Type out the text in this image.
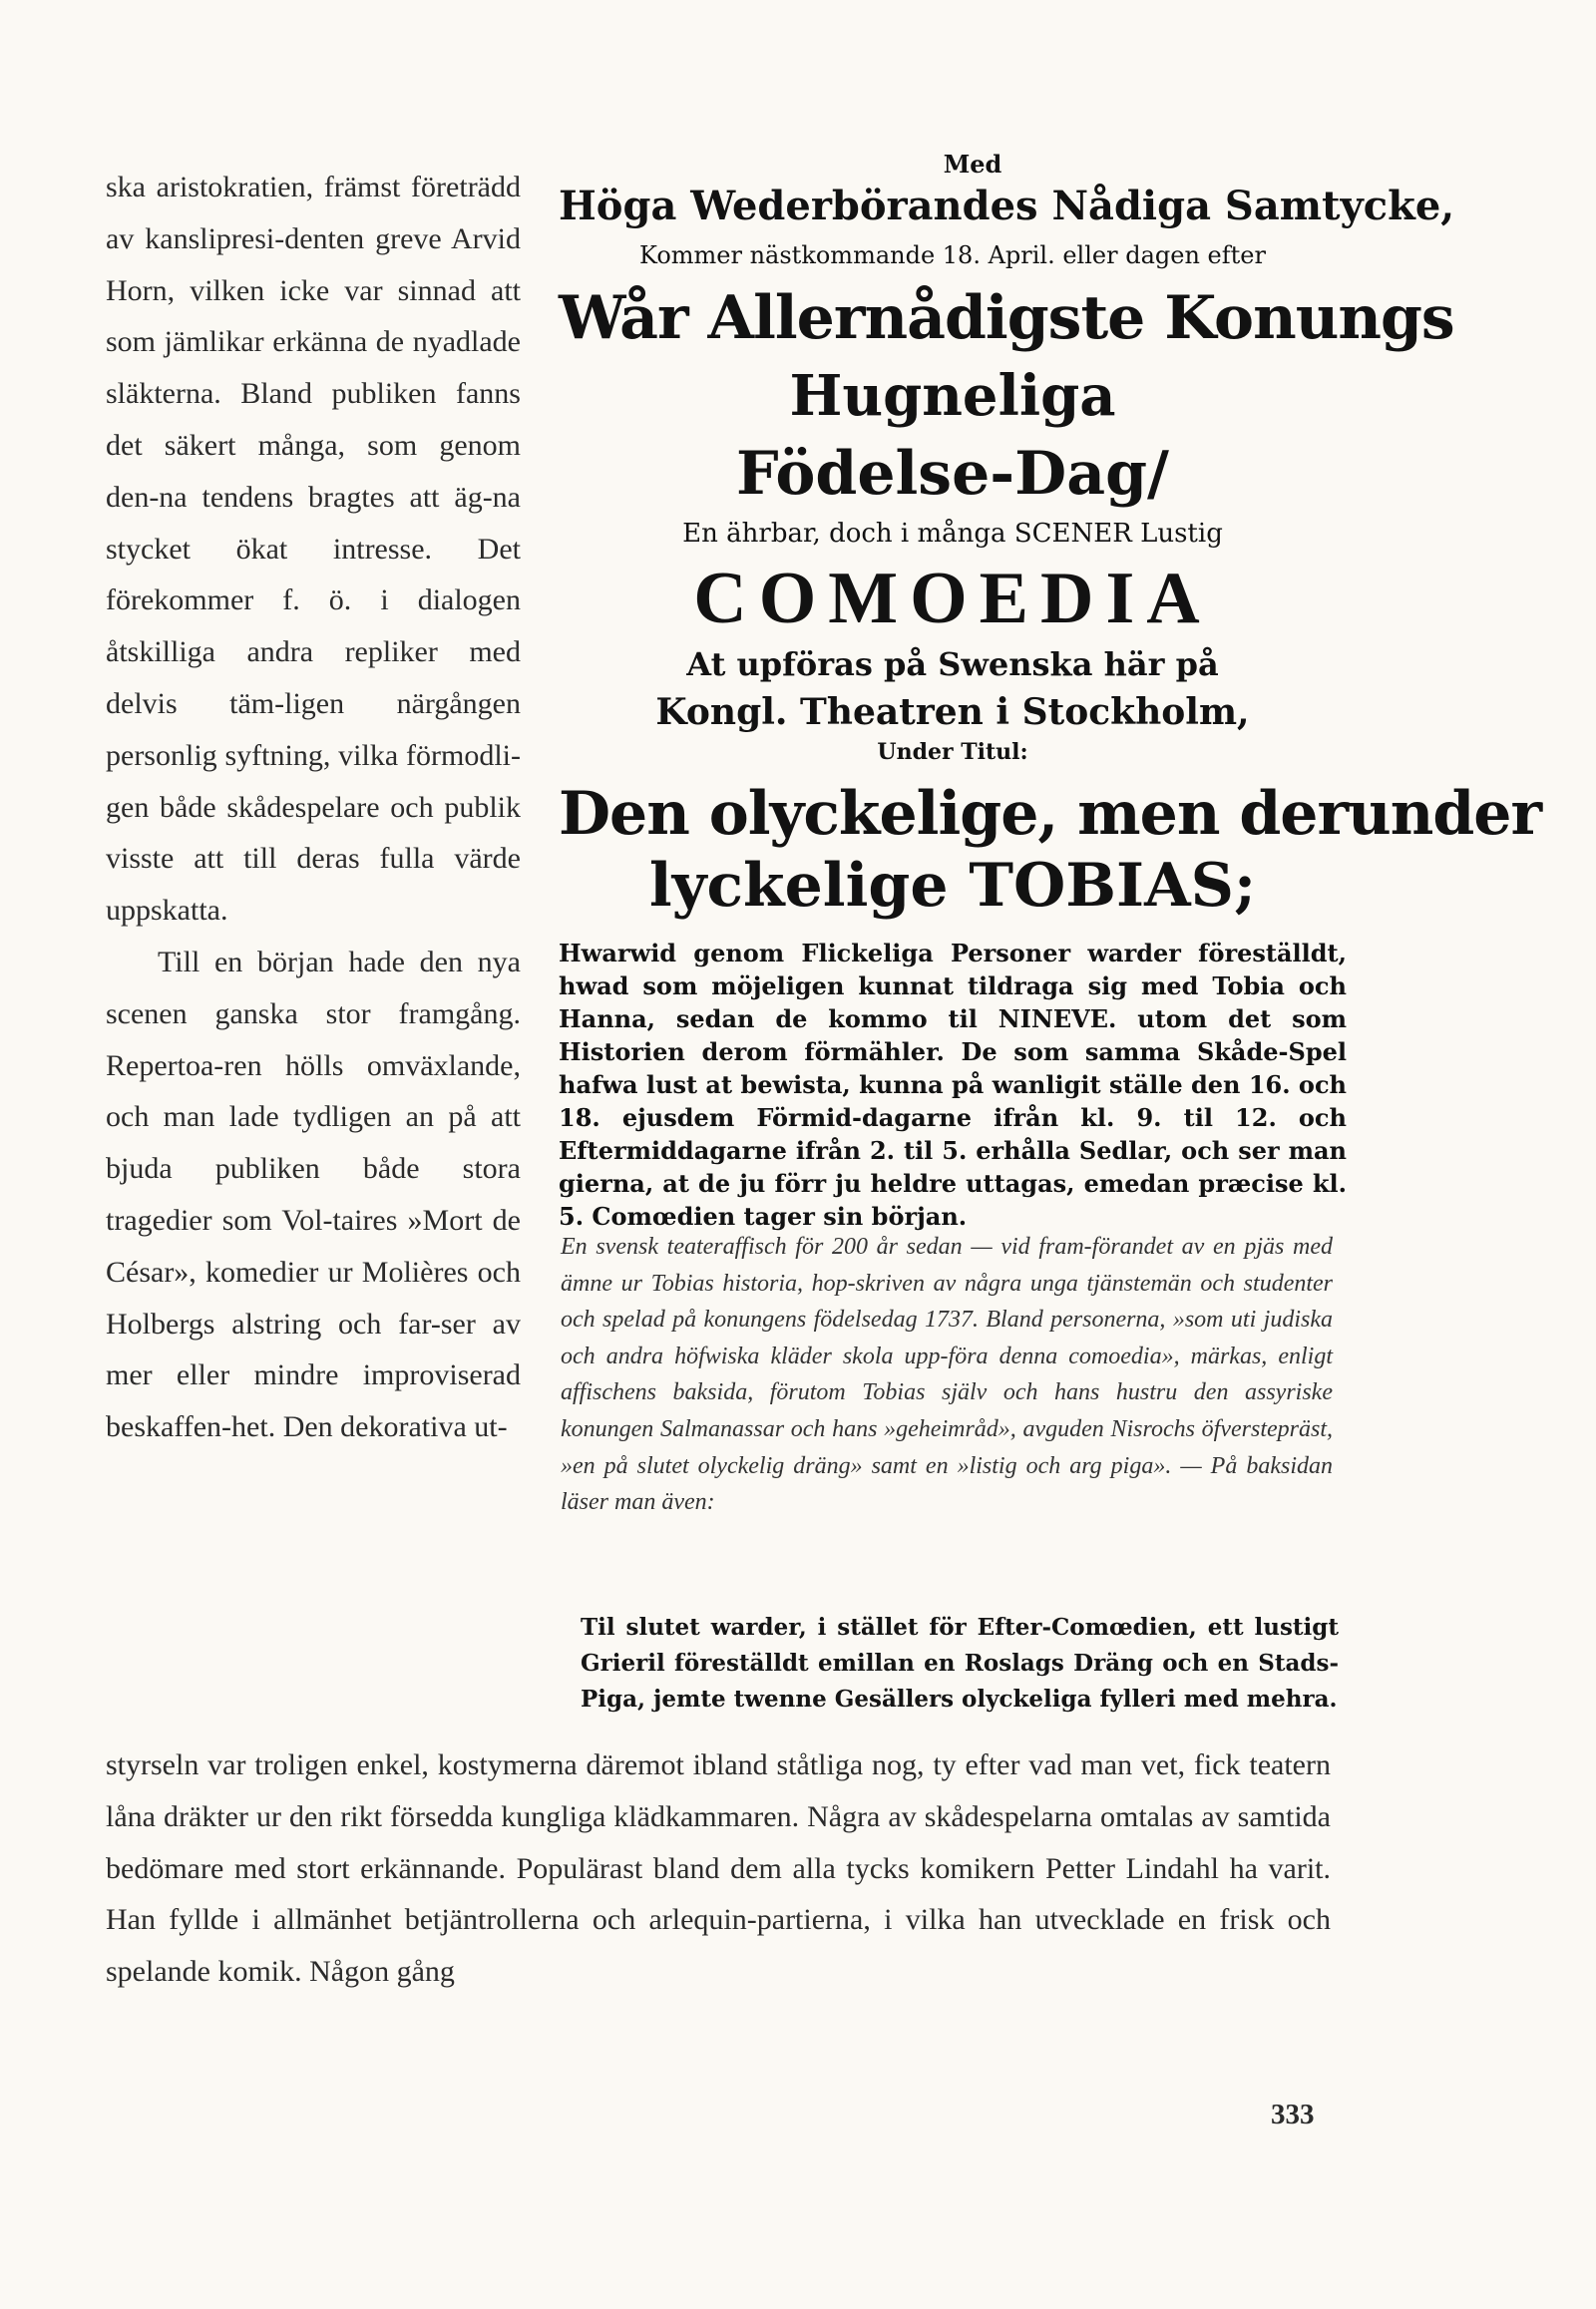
ska aristokratien, främst företrädd av kanslipresi-denten greve Arvid Horn, vilken icke var sinnad att som jämlikar erkänna de nyadlade släkterna. Bland publiken fanns det säkert många, som genom den-na tendens bragtes att äg-na stycket ökat intresse. Det förekommer f. ö. i dialogen åtskilliga andra repliker med delvis täm-ligen närgången personlig syftning, vilka förmodli-gen både skådespelare och publik visste att till deras fulla värde uppskatta.

Till en början hade den nya scenen ganska stor framgång. Repertoa-ren hölls omväxlande, och man lade tydligen an på att bjuda publiken både stora tragedier som Vol-taires »Mort de César», komedier ur Molières och Holbergs alstring och far-ser av mer eller mindre improviserad beskaffen-het. Den dekorativa ut-

Med
Höga Wederbörandes Nådiga Samtycke,
Kommer nästkommande 18. April. eller dagen efter
Wår Allernådigste Konungs
Hugneliga
Födelse-Dag/
En ährbar, doch i många SCENER Lustig
COMOEDIA
At upföras på Swenska här på
Kongl. Theatren i Stockholm,
Under Titul:
Den olyckelige, men derunder
lyckelige TOBIAS;
Hwarwid genom Flickeliga Personer warder föreställdt, hwad som möjeligen kunnat tildraga sig med Tobia och Hanna, sedan de kommo til NINEVE. utom det som Historien derom förmähler. De som samma Skåde-Spel hafwa lust at bewista, kunna på wanligit ställe den 16. och 18. ejusdem Förmid-dagarne ifrån kl. 9. til 12. och Eftermiddagarne ifrån 2. til 5. erhålla Sedlar, och ser man gierna, at de ju förr ju heldre uttagas, emedan præcise kl. 5. Comœdien tager sin början.

En svensk teateraffisch för 200 år sedan — vid fram-förandet av en pjäs med ämne ur Tobias historia, hop-skriven av några unga tjänstemän och studenter och spelad på konungens födelsedag 1737. Bland personerna, »som uti judiska och andra höfwiska kläder skola upp-föra denna comoedia», märkas, enligt affischens baksida, förutom Tobias själv och hans hustru den assyriske konungen Salmanassar och hans »geheimråd», avguden Nisrochs öfverstepräst, »en på slutet olyckelig dräng» samt en »listig och arg piga». — På baksidan läser man även:

Til slutet warder, i stället för Efter-Comœdien, ett lustigt Grieril föreställdt emillan en Roslags Dräng och en Stads-Piga, jemte twenne Gesällers olyckeliga fylleri med mehra.
styrseln var troligen enkel, kostymerna däremot ibland ståtliga nog, ty efter vad man vet, fick teatern låna dräkter ur den rikt försedda kungliga klädkammaren. Några av skådespelarna omtalas av samtida bedömare med stort erkännande. Populärast bland dem alla tycks komikern Petter Lindahl ha varit. Han fyllde i allmänhet betjäntrollerna och arlequin-partierna, i vilka han utvecklade en frisk och spelande komik. Någon gång
333
